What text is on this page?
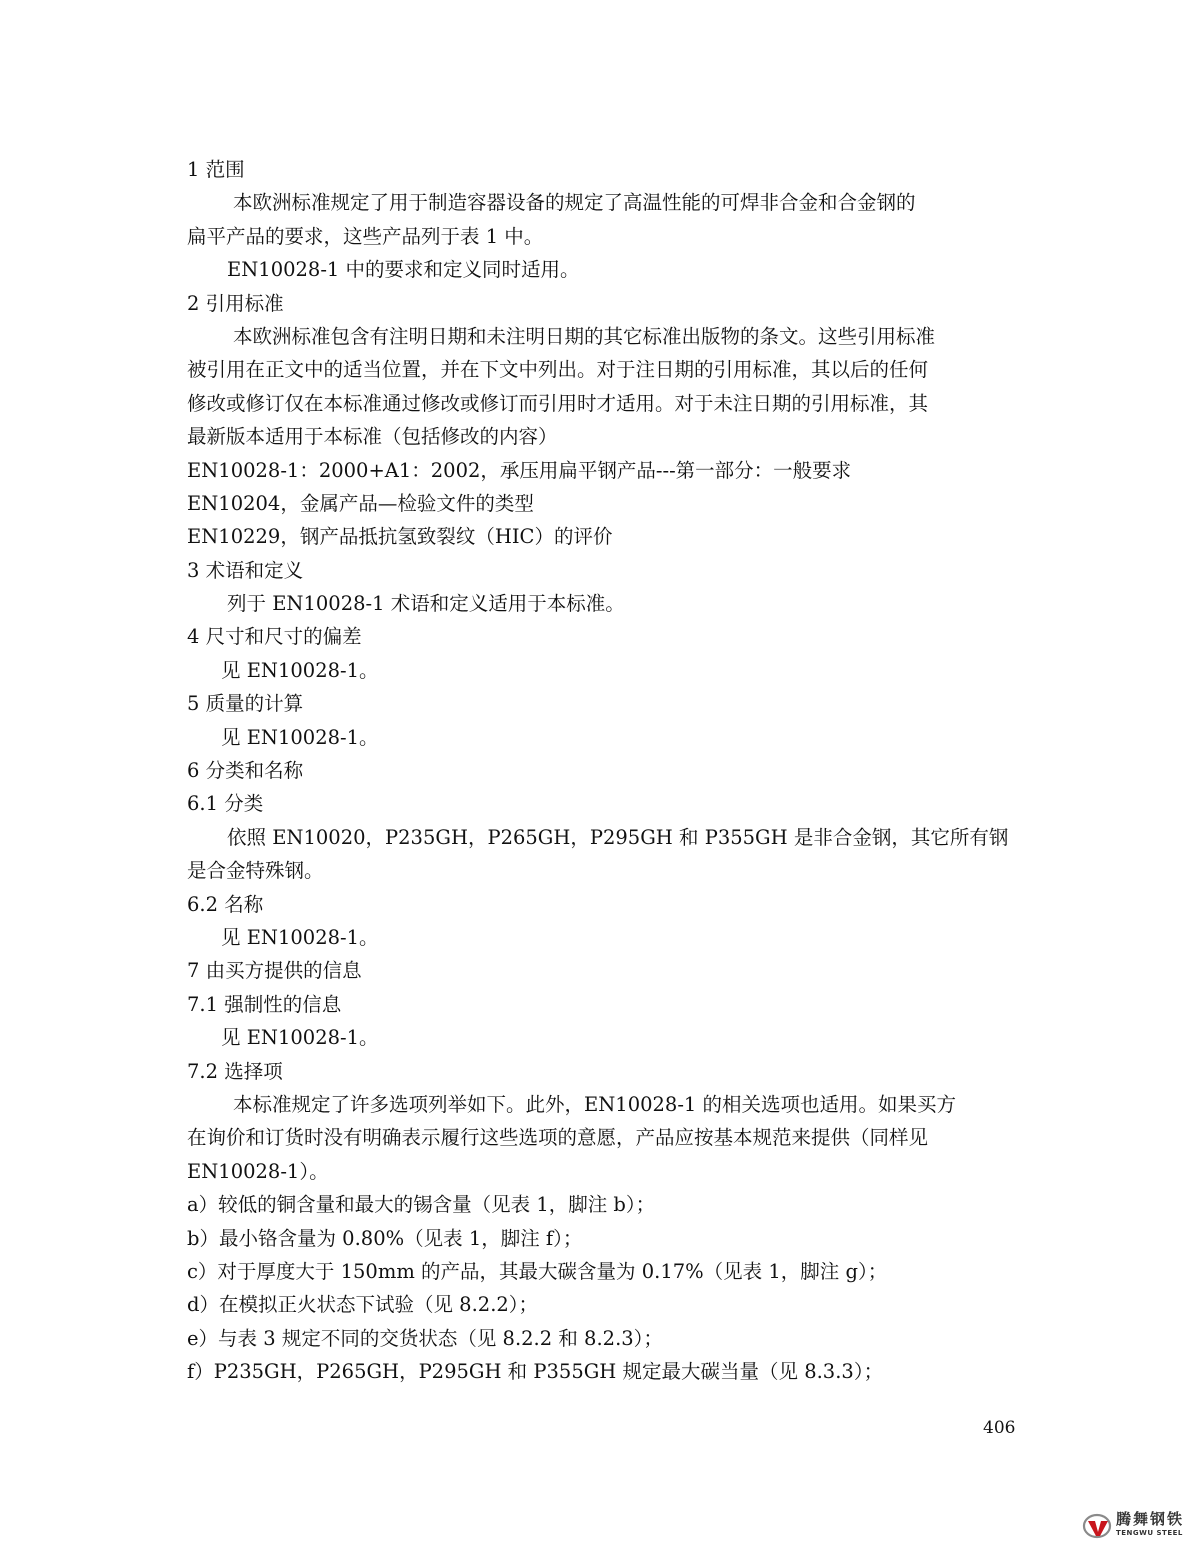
1 范围
本欧洲标准规定了用于制造容器设备的规定了高温性能的可焊非合金和合金钢的
扁平产品的要求，这些产品列于表 1 中。
EN10028-1 中的要求和定义同时适用。
2 引用标准
本欧洲标准包含有注明日期和未注明日期的其它标准出版物的条文。这些引用标准
被引用在正文中的适当位置，并在下文中列出。对于注日期的引用标准，其以后的任何
修改或修订仅在本标准通过修改或修订而引用时才适用。对于未注日期的引用标准，其
最新版本适用于本标准（包括修改的内容）
EN10028-1：2000+A1：2002，承压用扁平钢产品---第一部分：一般要求
EN10204，金属产品—检验文件的类型
EN10229，钢产品抵抗氢致裂纹（HIC）的评价
3 术语和定义
列于 EN10028-1 术语和定义适用于本标准。
4 尺寸和尺寸的偏差
见 EN10028-1。
5 质量的计算
见 EN10028-1。
6 分类和名称
6.1 分类
依照 EN10020，P235GH，P265GH，P295GH 和 P355GH 是非合金钢，其它所有钢
是合金特殊钢。
6.2 名称
见 EN10028-1。
7 由买方提供的信息
7.1 强制性的信息
见 EN10028-1。
7.2 选择项
本标准规定了许多选项列举如下。此外，EN10028-1 的相关选项也适用。如果买方
在询价和订货时没有明确表示履行这些选项的意愿，产品应按基本规范来提供（同样见
EN10028-1）。
a）较低的铜含量和最大的锡含量（见表 1，脚注 b）；
b）最小铬含量为 0.80%（见表 1，脚注 f）；
c）对于厚度大于 150mm 的产品，其最大碳含量为 0.17%（见表 1，脚注 g）；
d）在模拟正火状态下试验（见 8.2.2）；
e）与表 3 规定不同的交货状态（见 8.2.2 和 8.2.3）；
f）P235GH，P265GH，P295GH 和 P355GH 规定最大碳当量（见 8.3.3）；
406
腾舞钢铁
TENGWU STEEL
